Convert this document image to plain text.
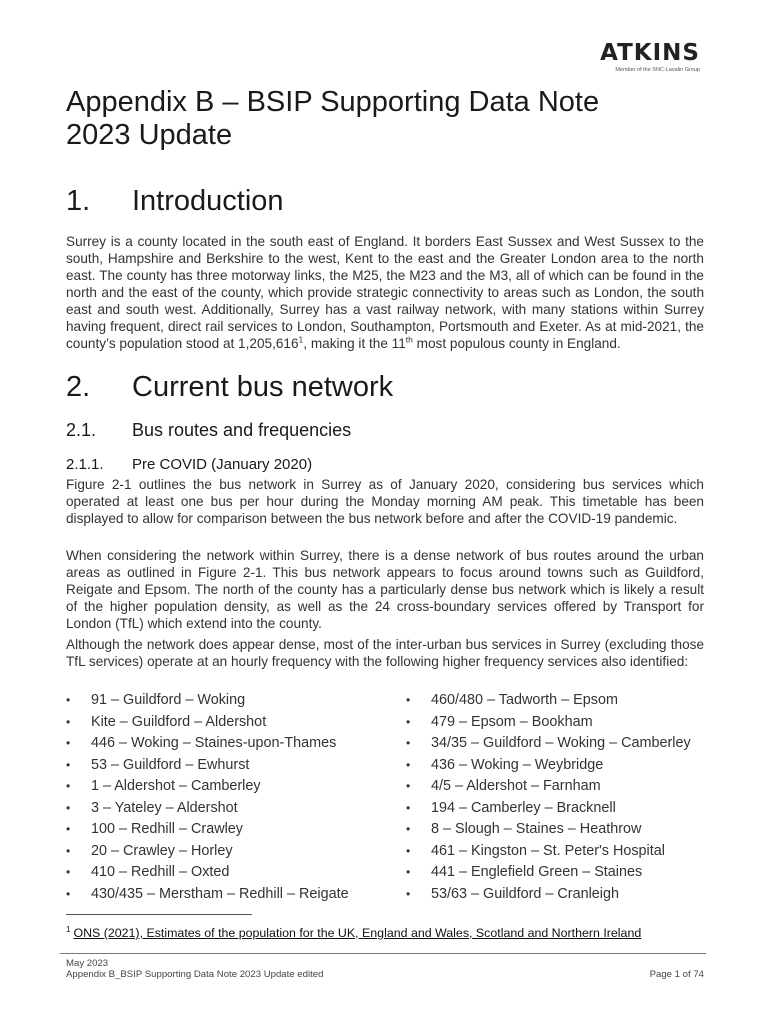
ATKINS
Member of the SNC-Lavalin Group
Appendix B – BSIP Supporting Data Note
2023 Update
1. Introduction

Surrey is a county located in the south east of England. It borders East Sussex and West Sussex to the south, Hampshire and Berkshire to the west, Kent to the east and the Greater London area to the north east. The county has three motorway links, the M25, the M23 and the M3, all of which can be found in the north and the east of the county, which provide strategic connectivity to areas such as London, the south east and south west. Additionally, Surrey has a vast railway network, with many stations within Surrey having frequent, direct rail services to London, Southampton, Portsmouth and Exeter. As at mid-2021, the county’s population stood at 1,205,616$^1$, making it the 11th most populous county in England.

2. Current bus network
2.1. Bus routes and frequencies
2.1.1. Pre COVID (January 2020)

Figure 2-1 outlines the bus network in Surrey as of January 2020, considering bus services which operated at least one bus per hour during the Monday morning AM peak. This timetable has been displayed to allow for comparison between the bus network before and after the COVID-19 pandemic.

When considering the network within Surrey, there is a dense network of bus routes around the urban areas as outlined in Figure 2-1. This bus network appears to focus around towns such as Guildford, Reigate and Epsom. The north of the county has a particularly dense bus network which is likely a result of the higher population density, as well as the 24 cross-boundary services offered by Transport for London (TfL) which extend into the county.

Although the network does appear dense, most of the inter-urban bus services in Surrey (excluding those TfL services) operate at an hourly frequency with the following higher frequency services also identified:

• 91 – Guildford – Woking
• Kite – Guildford – Aldershot
• 446 – Woking – Staines-upon-Thames
• 53 – Guildford – Ewhurst
• 1 – Aldershot – Camberley
• 3 – Yateley – Aldershot
• 100 – Redhill – Crawley
• 20 – Crawley – Horley
• 410 – Redhill – Oxted
• 430/435 – Merstham – Redhill – Reigate
• 460/480 – Tadworth – Epsom
• 479 – Epsom – Bookham
• 34/35 – Guildford – Woking – Camberley
• 436 – Woking – Weybridge
• 4/5 – Aldershot – Farnham
• 194 – Camberley – Bracknell
• 8 – Slough – Staines – Heathrow
• 461 – Kingston – St. Peter's Hospital
• 441 – Englefield Green – Staines
• 53/63 – Guildford – Cranleigh
$^1$ ONS (2021), Estimates of the population for the UK, England and Wales, Scotland and Northern Ireland
May 2023
Appendix B_BSIP Supporting Data Note 2023 Update edited	Page 1 of 74
